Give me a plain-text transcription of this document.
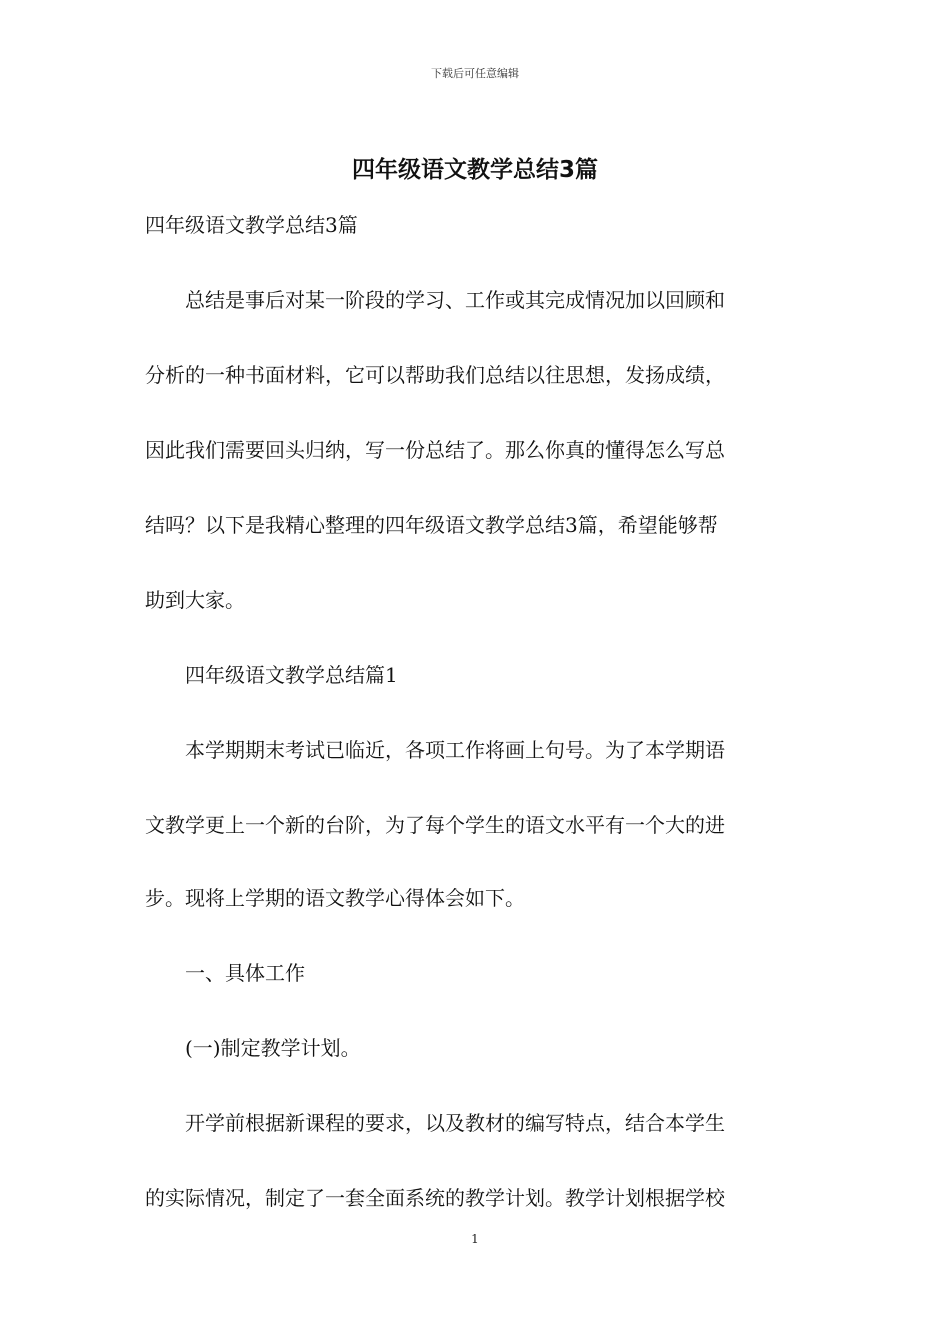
下载后可任意编辑
四年级语文教学总结3篇
四年级语文教学总结3篇
总结是事后对某一阶段的学习、工作或其完成情况加以回顾和
分析的一种书面材料，它可以帮助我们总结以往思想，发扬成绩，
因此我们需要回头归纳，写一份总结了。那么你真的懂得怎么写总
结吗？以下是我精心整理的四年级语文教学总结3篇，希望能够帮
助到大家。
四年级语文教学总结篇1
本学期期末考试已临近，各项工作将画上句号。为了本学期语
文教学更上一个新的台阶，为了每个学生的语文水平有一个大的进
步。现将上学期的语文教学心得体会如下。
一、具体工作
(一)制定教学计划。
开学前根据新课程的要求，以及教材的编写特点，结合本学生
的实际情况，制定了一套全面系统的教学计划。教学计划根据学校
1
